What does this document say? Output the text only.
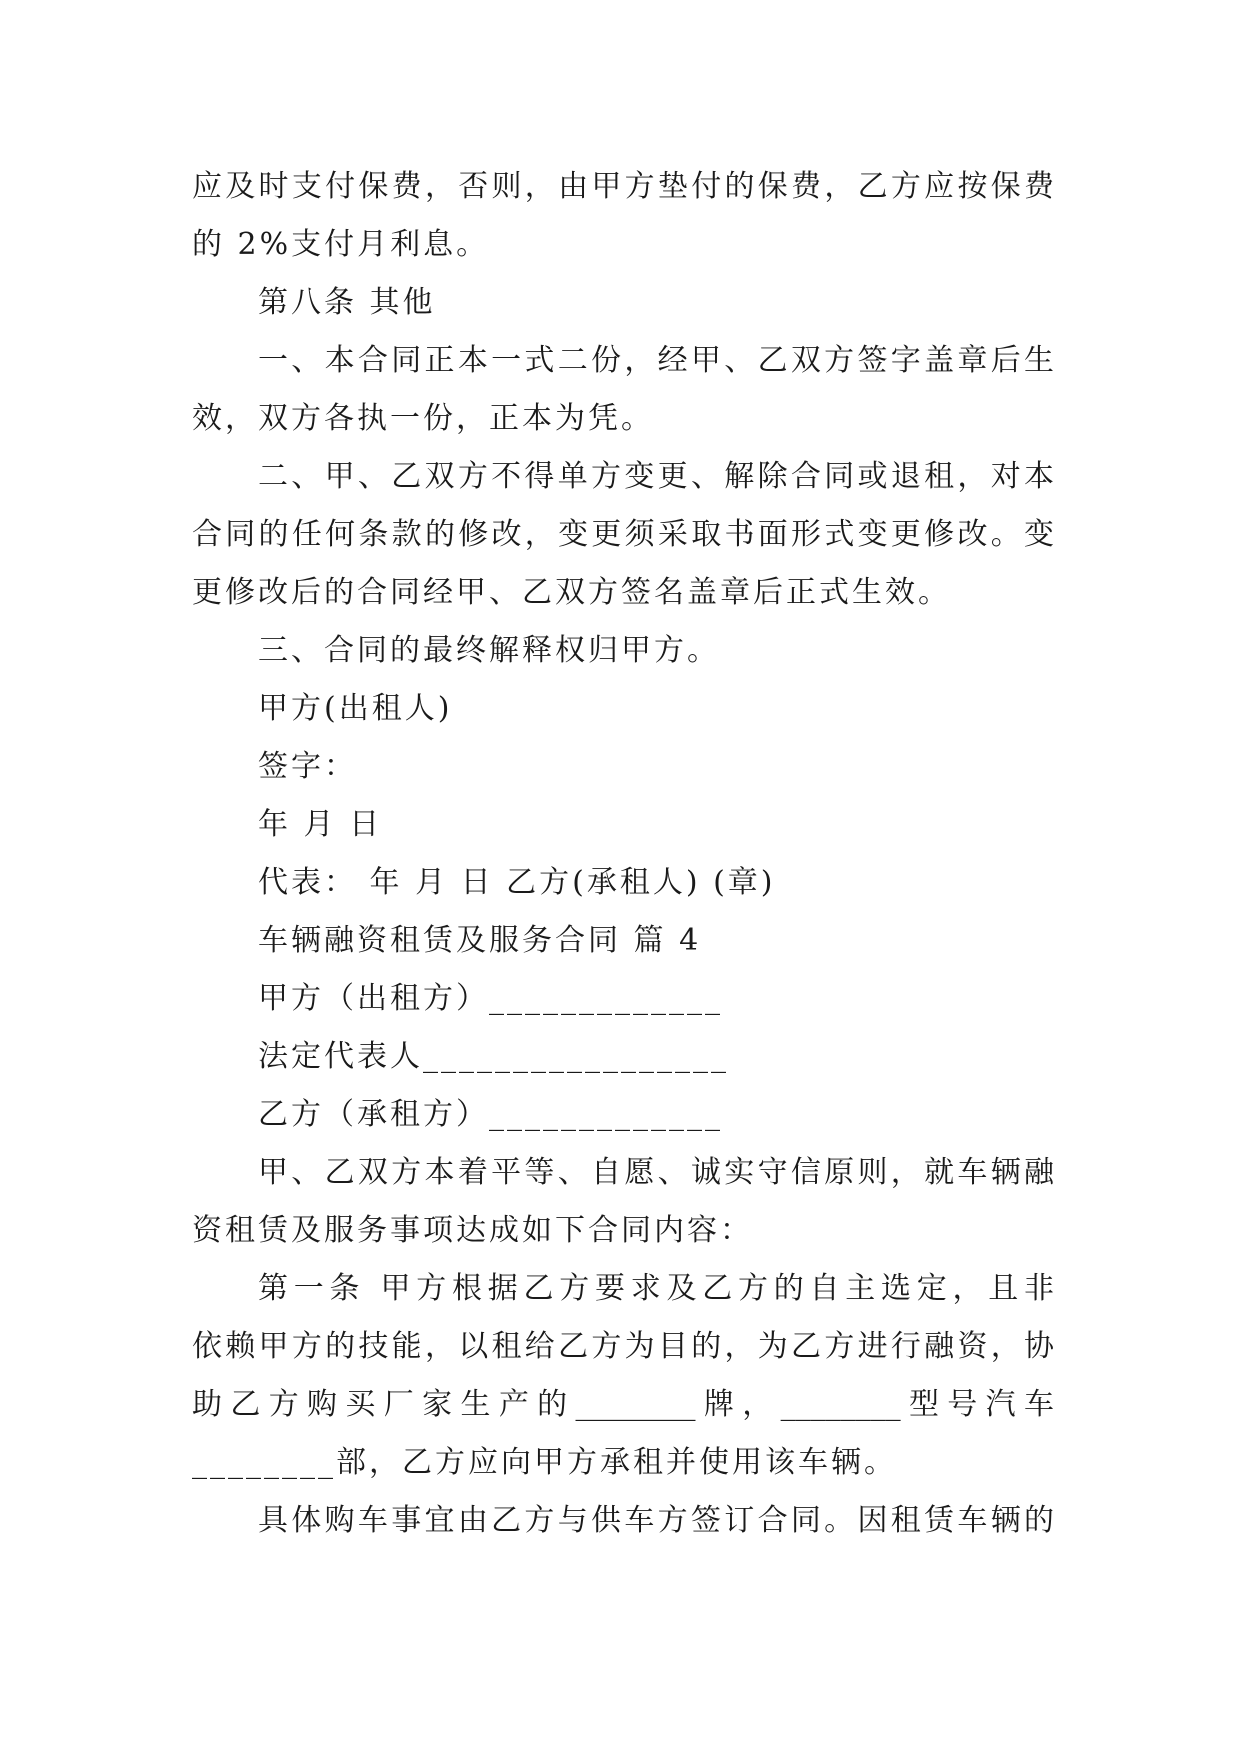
应及时支付保费，否则，由甲方垫付的保费，乙方应按保费
的 2%支付月利息。
第八条 其他
一、本合同正本一式二份，经甲、乙双方签字盖章后生
效，双方各执一份，正本为凭。
二、甲、乙双方不得单方变更、解除合同或退租，对本
合同的任何条款的修改，变更须采取书面形式变更修改。变
更修改后的合同经甲、乙双方签名盖章后正式生效。
三、合同的最终解释权归甲方。
甲方(出租人)
签字：
年 月 日
代表： 年 月 日 乙方(承租人) (章)
车辆融资租赁及服务合同 篇 4
甲方（出租方）_____________
法定代表人_________________
乙方（承租方）_____________
甲、乙双方本着平等、自愿、诚实守信原则，就车辆融
资租赁及服务事项达成如下合同内容：
第一条 甲方根据乙方要求及乙方的自主选定，且非
依赖甲方的技能，以租给乙方为目的，为乙方进行融资，协
助乙方购买厂家生产的________牌，________型号汽车
________部，乙方应向甲方承租并使用该车辆。
具体购车事宜由乙方与供车方签订合同。因租赁车辆的
